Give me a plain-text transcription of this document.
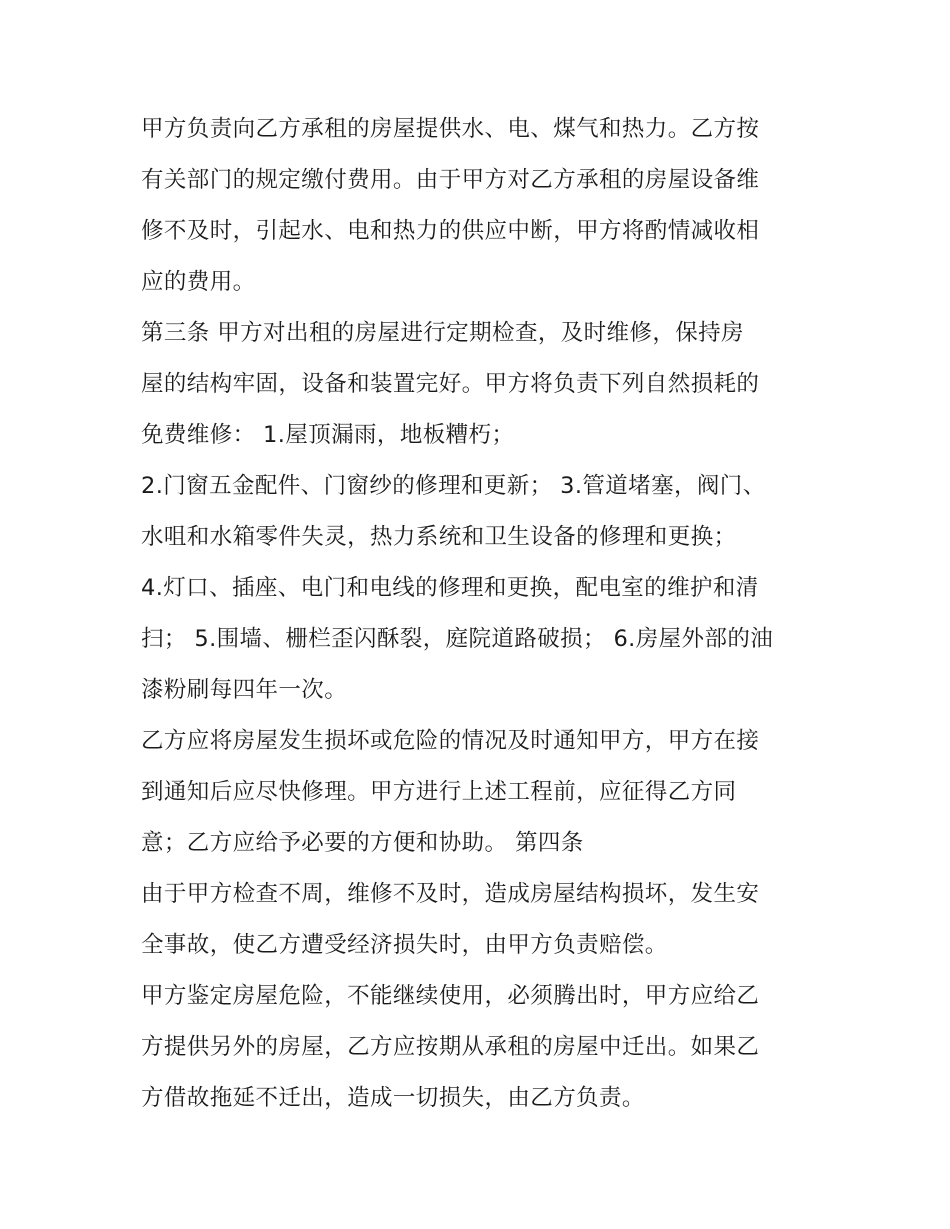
甲方负责向乙方承租的房屋提供水、电、煤气和热力。乙方按
有关部门的规定缴付费用。由于甲方对乙方承租的房屋设备维
修不及时，引起水、电和热力的供应中断，甲方将酌情减收相
应的费用。
第三条 甲方对出租的房屋进行定期检查，及时维修，保持房
屋的结构牢固，设备和装置完好。甲方将负责下列自然损耗的
免费维修： 1.屋顶漏雨，地板糟朽；
2.门窗五金配件、门窗纱的修理和更新； 3.管道堵塞，阀门、
水咀和水箱零件失灵，热力系统和卫生设备的修理和更换；
4.灯口、插座、电门和电线的修理和更换，配电室的维护和清
扫； 5.围墙、栅栏歪闪酥裂，庭院道路破损； 6.房屋外部的油
漆粉刷每四年一次。
乙方应将房屋发生损坏或危险的情况及时通知甲方，甲方在接
到通知后应尽快修理。甲方进行上述工程前，应征得乙方同
意；乙方应给予必要的方便和协助。 第四条
由于甲方检查不周，维修不及时，造成房屋结构损坏，发生安
全事故，使乙方遭受经济损失时，由甲方负责赔偿。
甲方鉴定房屋危险，不能继续使用，必须腾出时，甲方应给乙
方提供另外的房屋，乙方应按期从承租的房屋中迁出。如果乙
方借故拖延不迁出，造成一切损失，由乙方负责。
